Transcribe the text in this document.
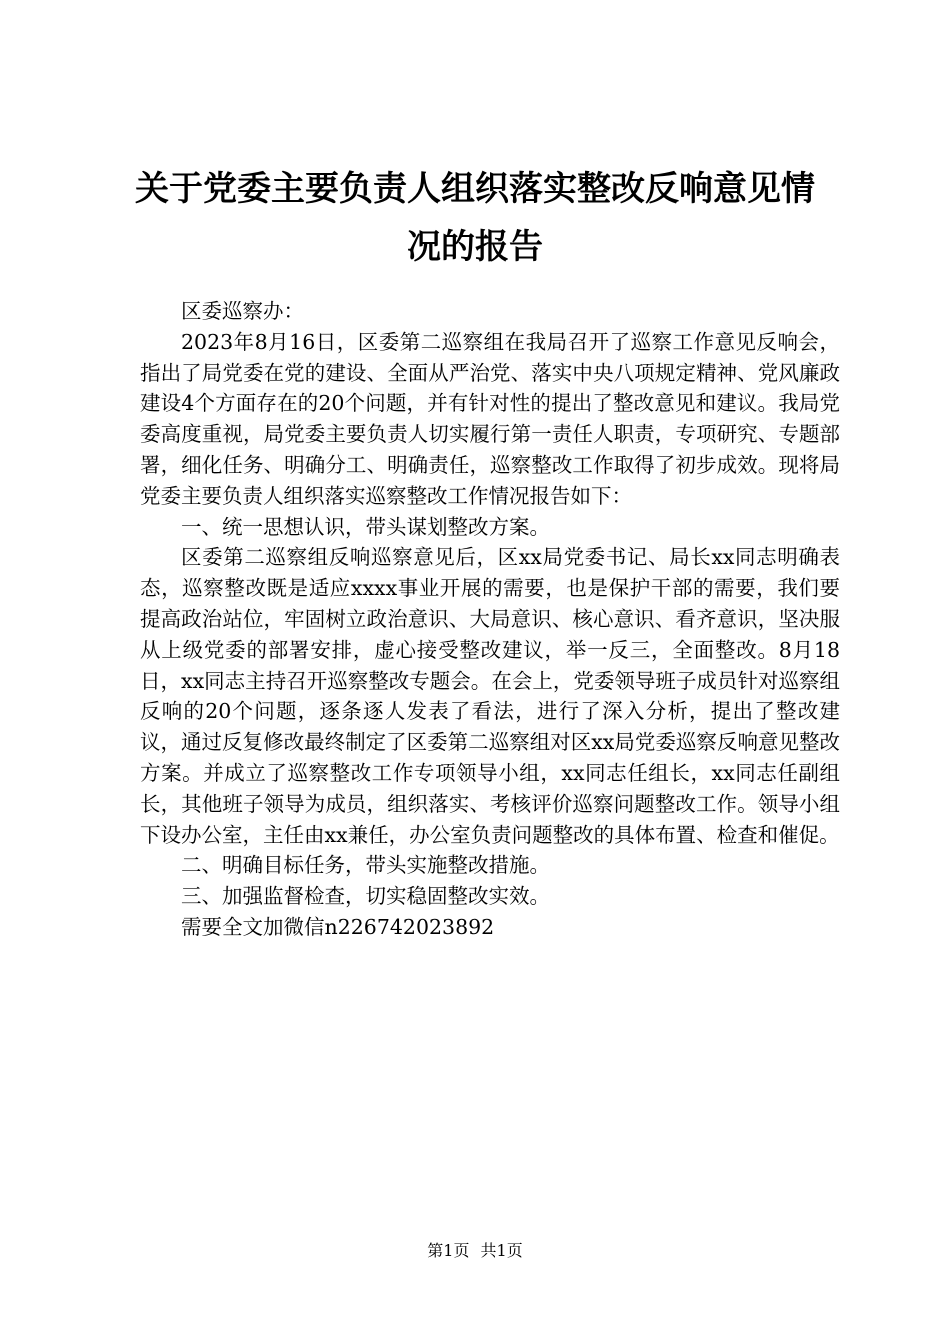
关于党委主要负责人组织落实整改反响意见情
况的报告

区委巡察办：

2023年8月16日，区委第二巡察组在我局召开了巡察工作意见反响会，指出了局党委在党的建设、全面从严治党、落实中央八项规定精神、党风廉政建设4个方面存在的20个问题，并有针对性的提出了整改意见和建议。我局党委高度重视，局党委主要负责人切实履行第一责任人职责，专项研究、专题部署，细化任务、明确分工、明确责任，巡察整改工作取得了初步成效。现将局党委主要负责人组织落实巡察整改工作情况报告如下：

一、统一思想认识，带头谋划整改方案。

区委第二巡察组反响巡察意见后，区xx局党委书记、局长xx同志明确表态，巡察整改既是适应xxxx事业开展的需要，也是保护干部的需要，我们要提高政治站位，牢固树立政治意识、大局意识、核心意识、看齐意识，坚决服从上级党委的部署安排，虚心接受整改建议，举一反三，全面整改。8月18日，xx同志主持召开巡察整改专题会。在会上，党委领导班子成员针对巡察组反响的20个问题，逐条逐人发表了看法，进行了深入分析，提出了整改建议，通过反复修改最终制定了区委第二巡察组对区xx局党委巡察反响意见整改方案。并成立了巡察整改工作专项领导小组，xx同志任组长，xx同志任副组长，其他班子领导为成员，组织落实、考核评价巡察问题整改工作。领导小组下设办公室，主任由xx兼任，办公室负责问题整改的具体布置、检查和催促。

二、明确目标任务，带头实施整改措施。

三、加强监督检查，切实稳固整改实效。

需要全文加微信n226742023892

第1页 共1页
